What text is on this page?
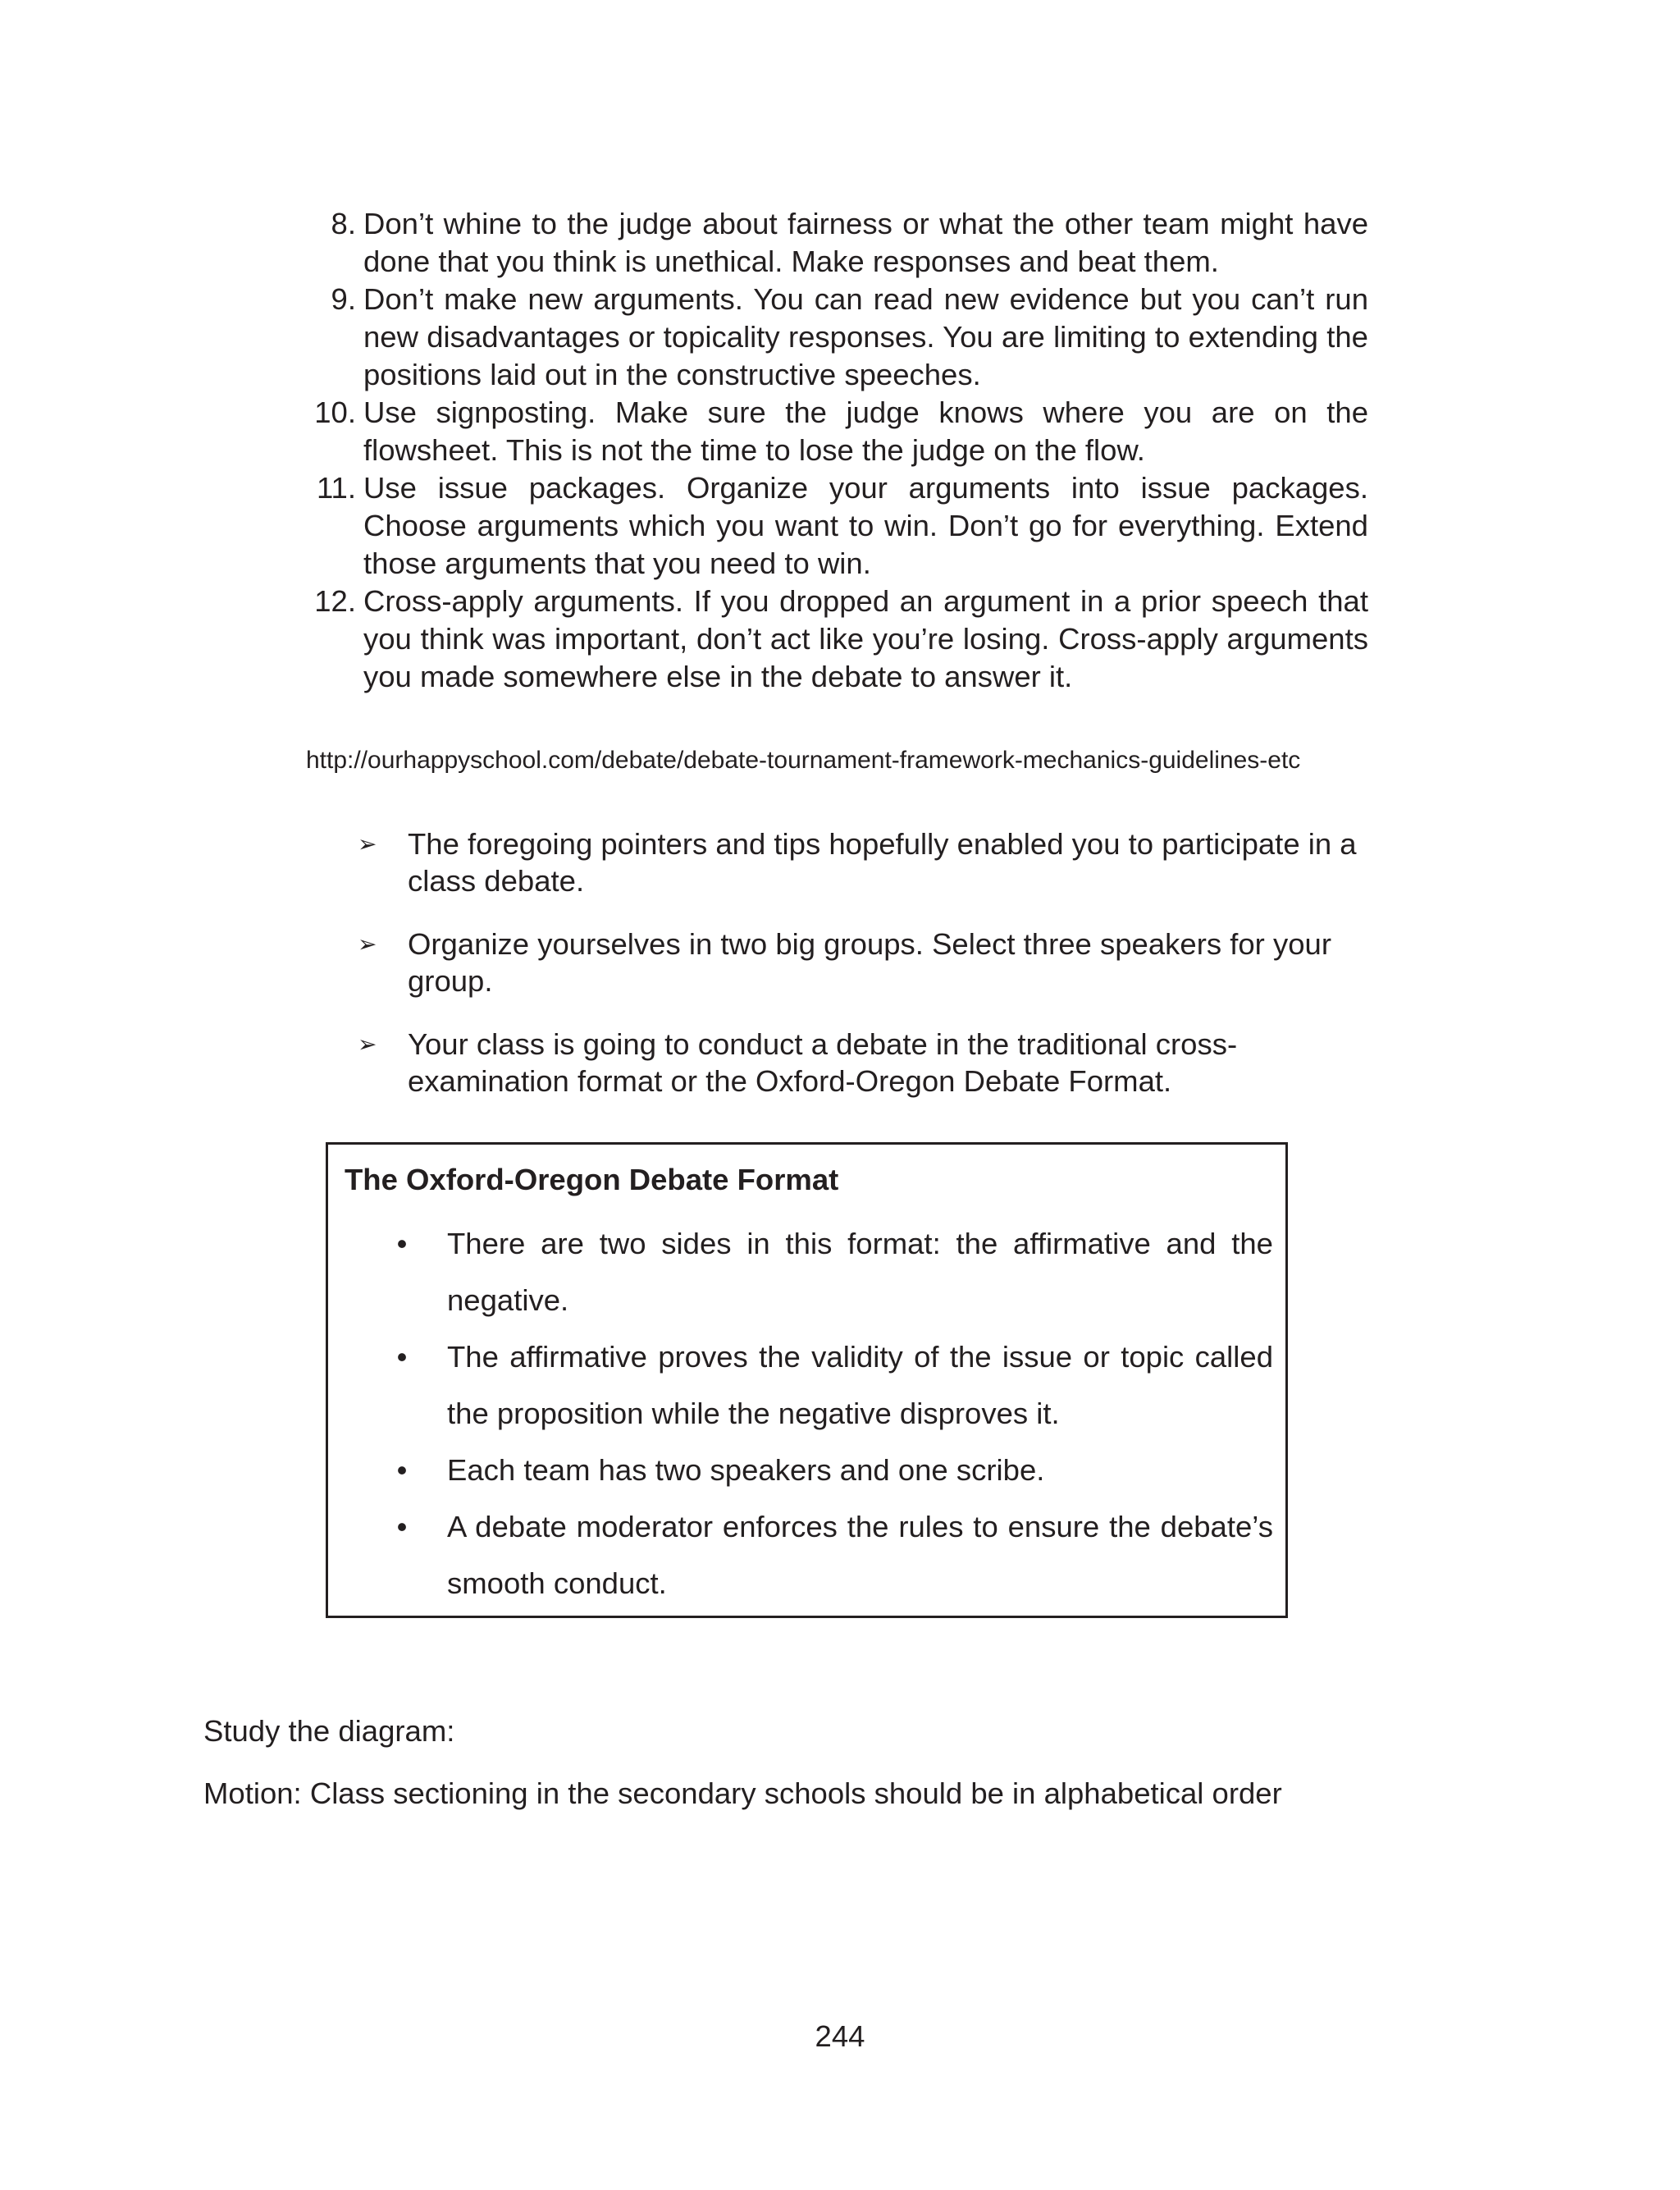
8. Don’t whine to the judge about fairness or what the other team might have done that you think is unethical. Make responses and beat them.
9. Don’t make new arguments. You can read new evidence but you can’t run new disadvantages or topicality responses. You are limiting to extending the positions laid out in the constructive speeches.
10. Use signposting. Make sure the judge knows where you are on the flowsheet. This is not the time to lose the judge on the flow.
11. Use issue packages. Organize your arguments into issue packages. Choose arguments which you want to win. Don’t go for everything. Extend those arguments that you need to win.
12. Cross-apply arguments. If you dropped an argument in a prior speech that you think was important, don’t act like you’re losing. Cross-apply arguments you made somewhere else in the debate to answer it.
http://ourhappyschool.com/debate/debate-tournament-framework-mechanics-guidelines-etc
➢ The foregoing pointers and tips hopefully enabled you to participate in a class debate.
➢ Organize yourselves in two big groups. Select three speakers for your group.
➢ Your class is going to conduct a debate in the traditional cross-examination format or the Oxford-Oregon Debate Format.
The Oxford-Oregon Debate Format
• There are two sides in this format: the affirmative and the negative.
• The affirmative proves the validity of the issue or topic called the proposition while the negative disproves it.
• Each team has two speakers and one scribe.
• A debate moderator enforces the rules to ensure the debate’s smooth conduct.
Study the diagram:
Motion: Class sectioning in the secondary schools should be in alphabetical order
244
